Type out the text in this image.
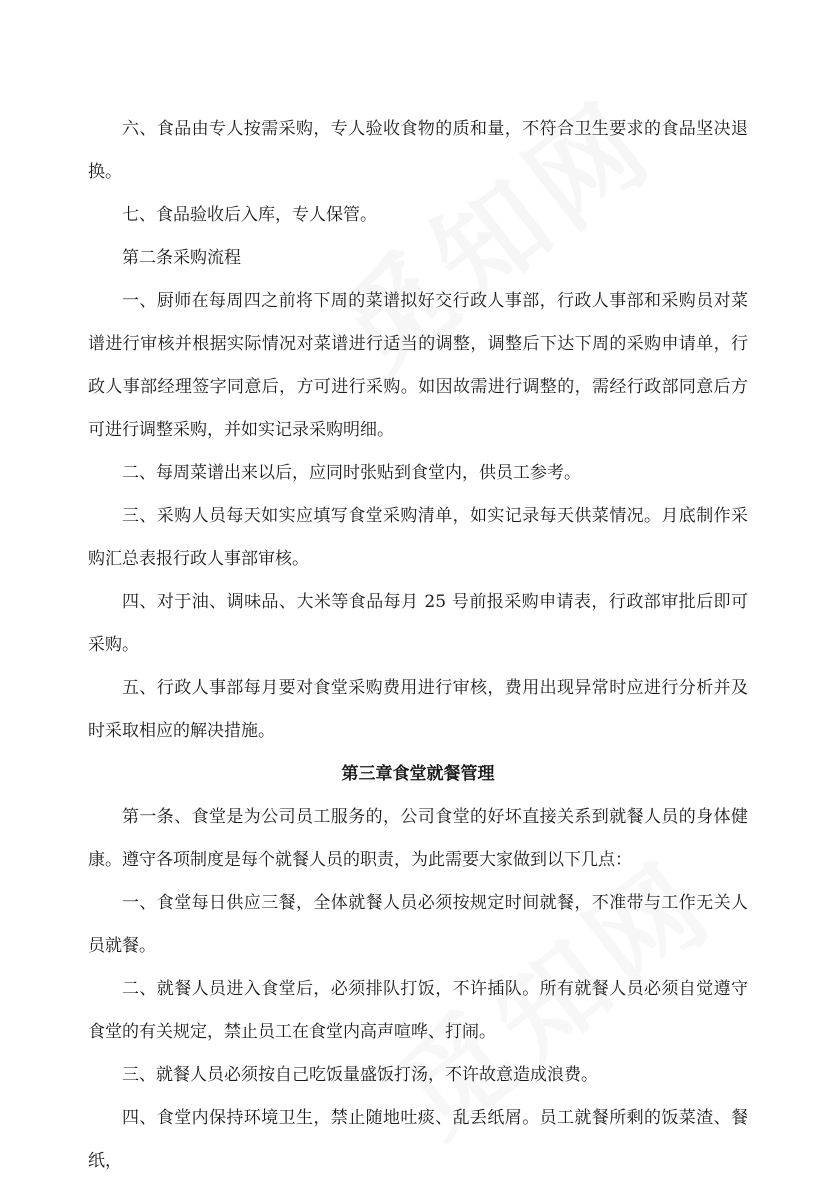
六、食品由专人按需采购，专人验收食物的质和量，不符合卫生要求的食品坚决退换。

七、食品验收后入库，专人保管。

第二条采购流程

一、厨师在每周四之前将下周的菜谱拟好交行政人事部，行政人事部和采购员对菜谱进行审核并根据实际情况对菜谱进行适当的调整，调整后下达下周的采购申请单，行政人事部经理签字同意后，方可进行采购。如因故需进行调整的，需经行政部同意后方可进行调整采购，并如实记录采购明细。

二、每周菜谱出来以后，应同时张贴到食堂内，供员工参考。

三、采购人员每天如实应填写食堂采购清单，如实记录每天供菜情况。月底制作采购汇总表报行政人事部审核。

四、对于油、调味品、大米等食品每月 25 号前报采购申请表，行政部审批后即可采购。

五、行政人事部每月要对食堂采购费用进行审核，费用出现异常时应进行分析并及时采取相应的解决措施。

第三章食堂就餐管理

第一条、食堂是为公司员工服务的，公司食堂的好坏直接关系到就餐人员的身体健康。遵守各项制度是每个就餐人员的职责，为此需要大家做到以下几点：

一、食堂每日供应三餐，全体就餐人员必须按规定时间就餐，不准带与工作无关人员就餐。

二、就餐人员进入食堂后，必须排队打饭，不许插队。所有就餐人员必须自觉遵守食堂的有关规定，禁止员工在食堂内高声喧哗、打闹。

三、就餐人员必须按自己吃饭量盛饭打汤，不许故意造成浪费。

四、食堂内保持环境卫生，禁止随地吐痰、乱丢纸屑。员工就餐所剩的饭菜渣、餐纸，
